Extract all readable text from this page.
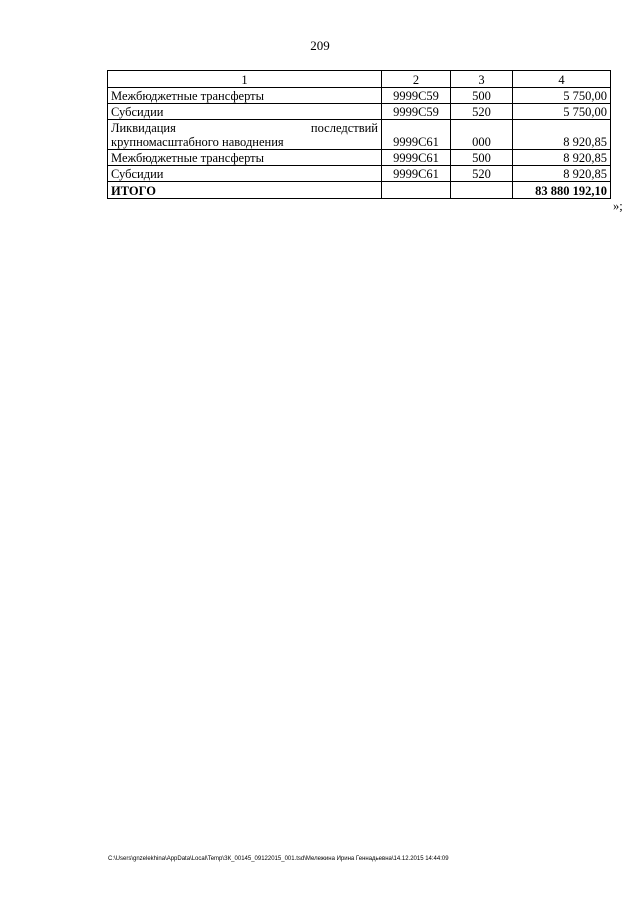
209
1	2	3	4
Межбюджетные трансферты	9999С59	500	5 750,00
Субсидии	9999С59	520	5 750,00

Ликвидация последствий
крупномасштабного наводнения	9999С61	000	8 920,85
Межбюджетные трансферты	9999С61	500	8 920,85
Субсидии	9999С61	520	8 920,85
ИТОГО			83 880 192,10
»;
C:\Users\gnzelekhina\AppData\Local\Temp\ЗК_00145_09122015_001.tsd\Мележина Ирина Геннадьевна\14.12.2015 14:44:09
